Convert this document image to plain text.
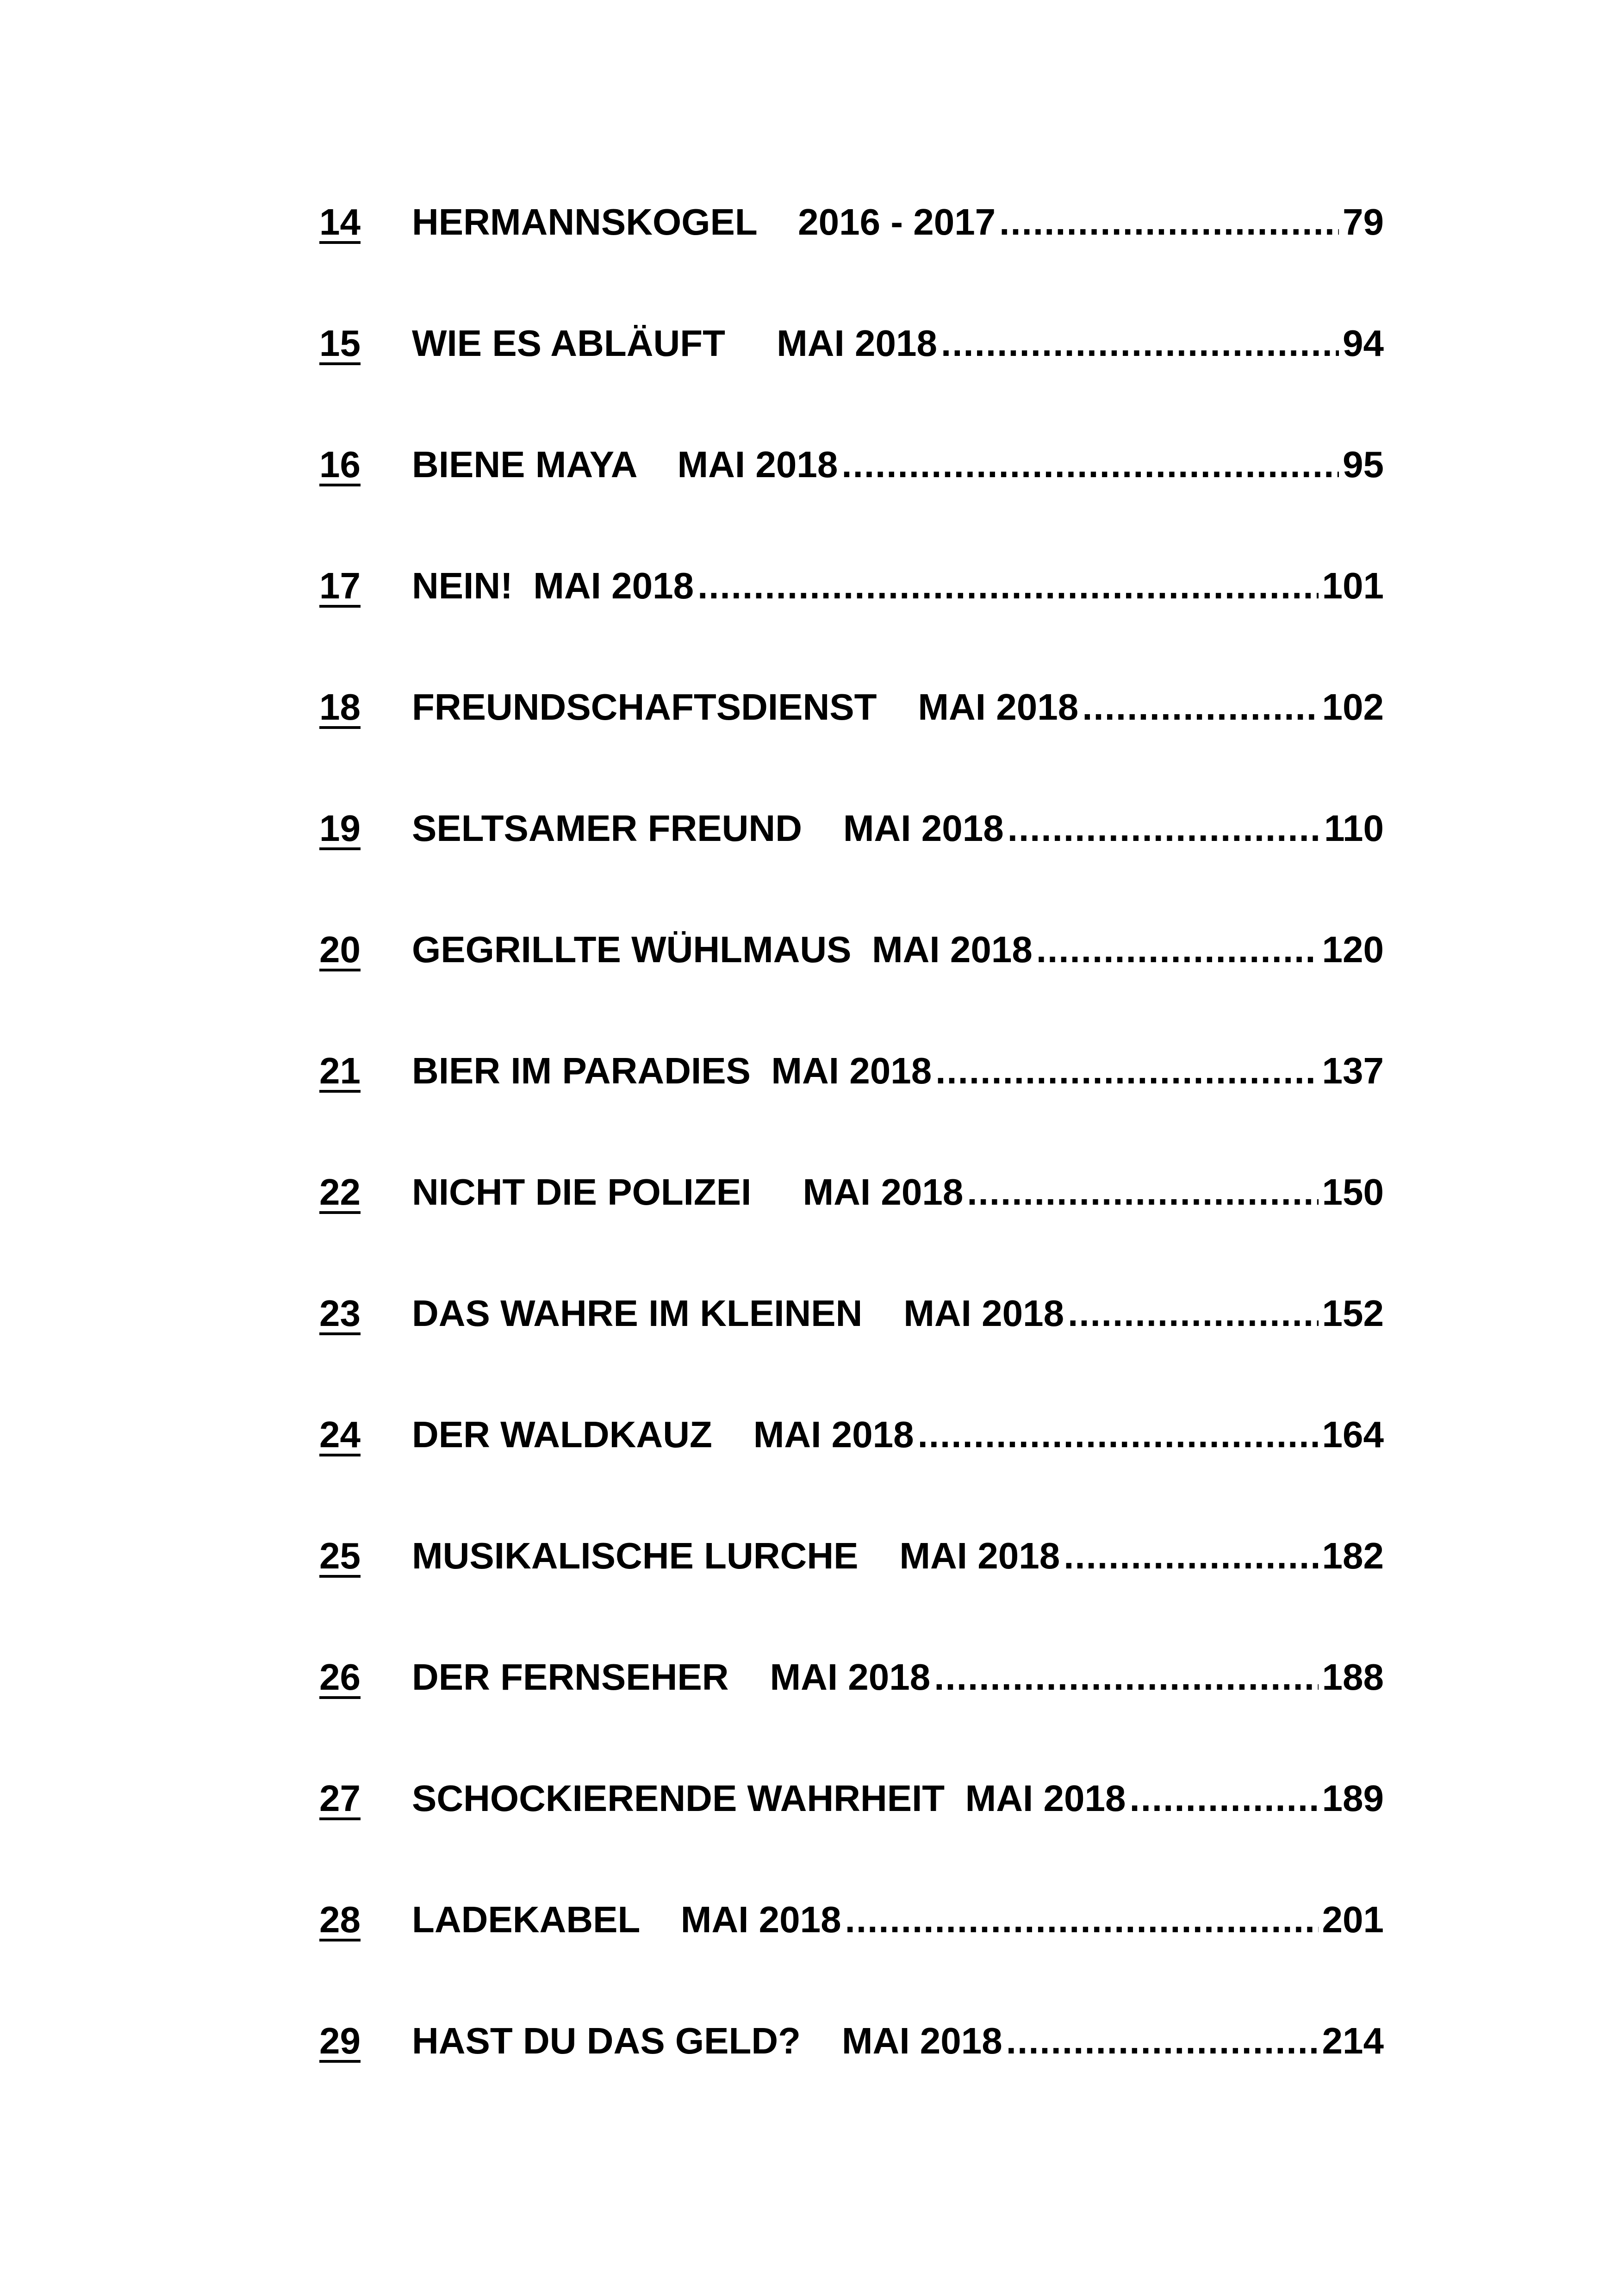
14	HERMANNSKOGEL    2016 - 2017 .....	79
15	WIE ES ABLÄUFT     MAI 2018 .....	94
16	BIENE MAYA    MAI 2018 .....	95
17	NEIN!  MAI 2018 .....	101
18	FREUNDSCHAFTSDIENST    MAI 2018 .....	102
19	SELTSAMER FREUND    MAI 2018 .....	110
20	GEGRILLTE WÜHLMAUS  MAI 2018 .....	120
21	BIER IM PARADIES  MAI 2018 .....	137
22	NICHT DIE POLIZEI     MAI 2018 .....	150
23	DAS WAHRE IM KLEINEN    MAI 2018 .....	152
24	DER WALDKAUZ    MAI 2018 .....	164
25	MUSIKALISCHE LURCHE    MAI 2018 .....	182
26	DER FERNSEHER    MAI 2018 .....	188
27	SCHOCKIERENDE WAHRHEIT  MAI 2018 .....	189
28	LADEKABEL    MAI 2018 .....	201
29	HAST DU DAS GELD?    MAI 2018 .....	214
